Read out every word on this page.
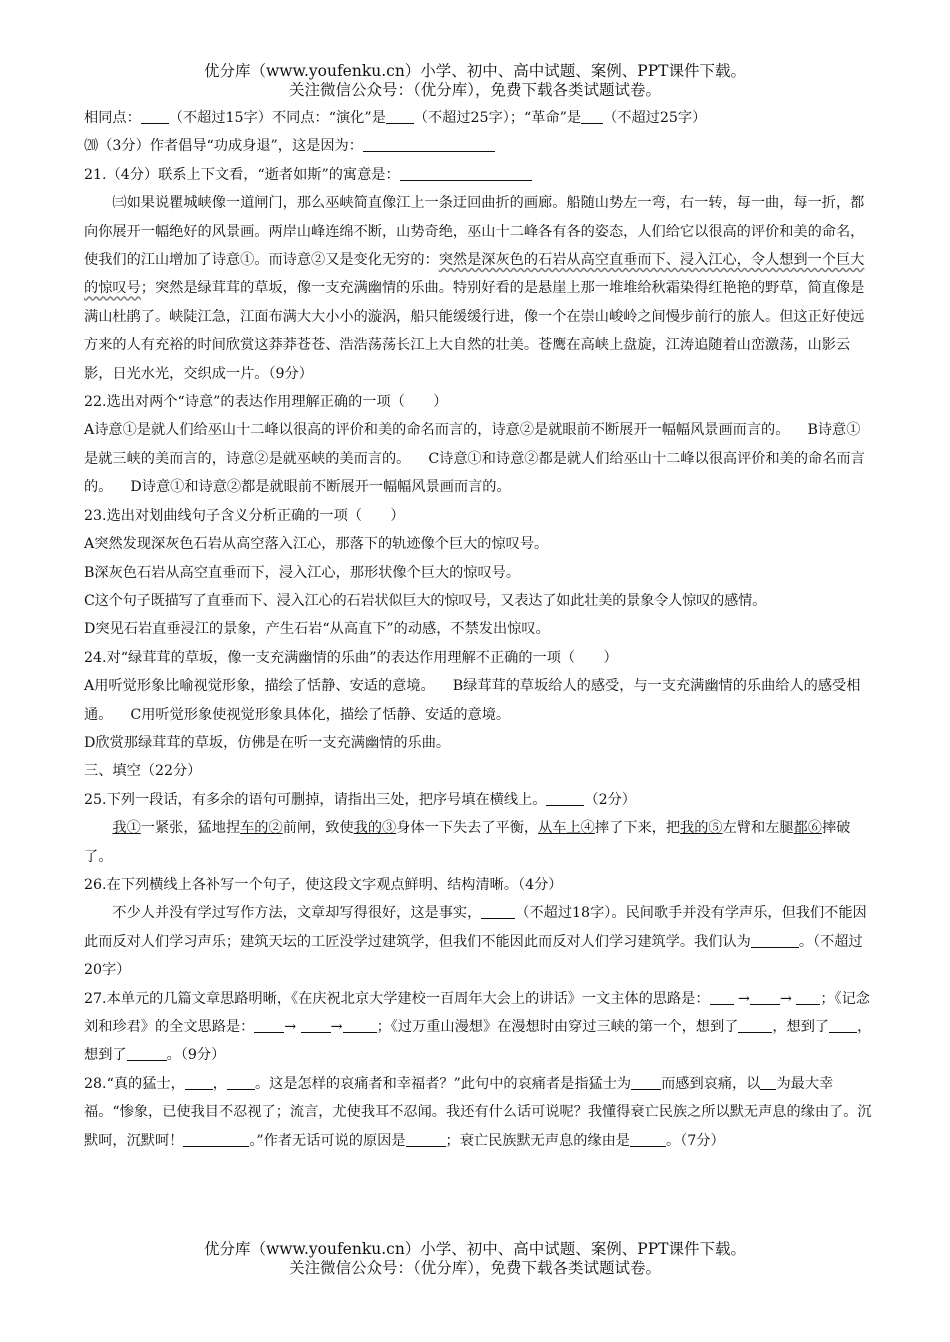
优分库（www.youfenku.cn）小学、初中、高中试题、案例、PPT课件下载。
关注微信公众号：（优分库），免费下载各类试题试卷。

相同点： （不超过15字）不同点：“演化”是 （不超过25字）；“革命”是 （不超过25字）

⒇（3分）作者倡导“功成身退”，这是因为：

21.（4分）联系上下文看，“逝者如斯”的寓意是：

㈢如果说瞿城峡像一道闸门，那么巫峡简直像江上一条迂回曲折的画廊。船随山势左一弯，右一转，每一曲，每一折，都向你展开一幅绝好的风景画。两岸山峰连绵不断，山势奇绝，巫山十二峰各有各的姿态，人们给它以很高的评价和美的命名，使我们的江山增加了诗意①。而诗意②又是变化无穷的：突然是深灰色的石岩从高空直垂而下、浸入江心，令人想到一个巨大的惊叹号；突然是绿茸茸的草坂，像一支充满幽情的乐曲。特别好看的是悬崖上那一堆堆给秋霜染得红艳艳的野草，简直像是满山杜鹃了。峡陡江急，江面布满大大小小的漩涡，船只能缓缓行进，像一个在崇山峻岭之间慢步前行的旅人。但这正好使远方来的人有充裕的时间欣赏这莽莽苍苍、浩浩荡荡长江上大自然的壮美。苍鹰在高峡上盘旋，江涛追随着山峦激荡，山影云影，日光水光，交织成一片。（9分）

22.选出对两个“诗意”的表达作用理解正确的一项（　　）

A诗意①是就人们给巫山十二峰以很高的评价和美的命名而言的，诗意②是就眼前不断展开一幅幅风景画而言的。 B诗意①是就三峡的美而言的，诗意②是就巫峡的美而言的。 C诗意①和诗意②都是就人们给巫山十二峰以很高评价和美的命名而言的。 D诗意①和诗意②都是就眼前不断展开一幅幅风景画而言的。

23.选出对划曲线句子含义分析正确的一项（　　）

A突然发现深灰色石岩从高空落入江心，那落下的轨迹像个巨大的惊叹号。

B深灰色石岩从高空直垂而下，浸入江心，那形状像个巨大的惊叹号。

C这个句子既描写了直垂而下、浸入江心的石岩状似巨大的惊叹号，又表达了如此壮美的景象令人惊叹的感情。

D突见石岩直垂浸江的景象，产生石岩“从高直下”的动感，不禁发出惊叹。

24.对“绿茸茸的草坂，像一支充满幽情的乐曲”的表达作用理解不正确的一项（　　）

A用听觉形象比喻视觉形象，描绘了恬静、安适的意境。 B绿茸茸的草坂给人的感受，与一支充满幽情的乐曲给人的感受相通。 C用听觉形象使视觉形象具体化，描绘了恬静、安适的意境。

D欣赏那绿茸茸的草坂，仿佛是在听一支充满幽情的乐曲。

三、填空（22分）

25.下列一段话，有多余的语句可删掉，请指出三处，把序号填在横线上。	（2分）

我①一紧张，猛地捏车的②前闸，致使我的③身体一下失去了平衡，从车上④摔了下来，把我的⑤左臂和左腿都⑥摔破了。

26.在下列横线上各补写一个句子，使这段文字观点鲜明、结构清晰。（4分）

不少人并没有学过写作方法，文章却写得很好，这是事实， （不超过18字）。民间歌手并没有学声乐，但我们不能因此而反对人们学习声乐；建筑天坛的工匠没学过建筑学，但我们不能因此而反对人们学习建筑学。我们认为	。（不超过20字）

27.本单元的几篇文章思路明晰，《在庆祝北京大学建校一百周年大会上的讲话》一文主体的思路是： → → ；《记念刘和珍君》的全文思路是： → → ；《过万重山漫想》在漫想时由穿过三峡的第一个，想到了 ，想到了 ，想到了	。（9分）

28.“真的猛士， ， 。这是怎样的哀痛者和幸福者？”此句中的哀痛者是指猛士为 而感到哀痛，以 为最大幸福。“惨象，已使我目不忍视了；流言，尤使我耳不忍闻。我还有什么话可说呢？我懂得衰亡民族之所以默无声息的缘由了。沉默呵，沉默呵！	。”作者无话可说的原因是	；衰亡民族默无声息的缘由是	。（7分）

优分库（www.youfenku.cn）小学、初中、高中试题、案例、PPT课件下载。
关注微信公众号：（优分库），免费下载各类试题试卷。
